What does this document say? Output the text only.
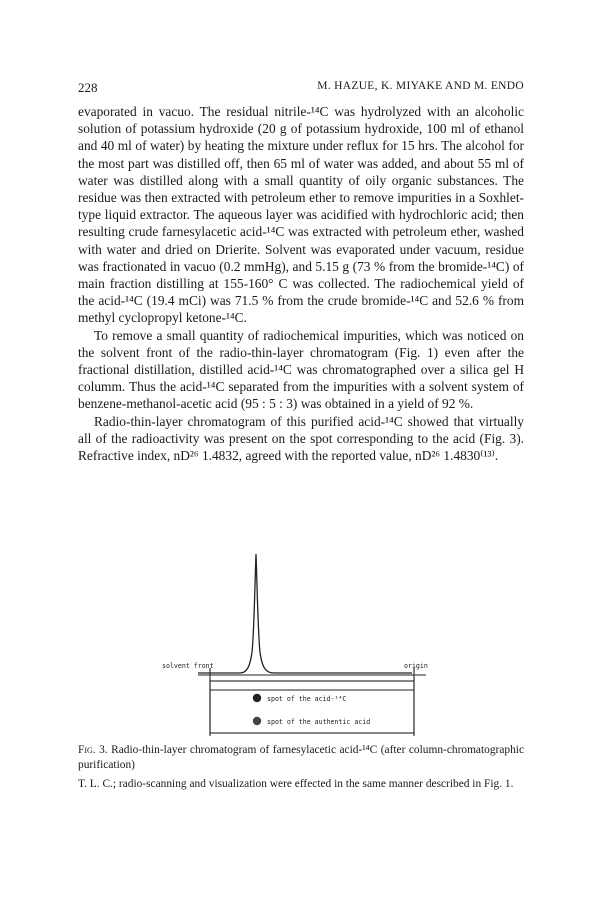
228	M. HAZUE, K. MIYAKE AND M. ENDO

evaporated in vacuo. The residual nitrile-¹⁴C was hydrolyzed with an alcoholic solution of potassium hydroxide (20 g of potassium hydroxide, 100 ml of ethanol and 40 ml of water) by heating the mixture under reflux for 15 hrs. The alcohol for the most part was distilled off, then 65 ml of water was added, and about 55 ml of water was distilled along with a small quantity of oily organic substances. The residue was then extracted with petroleum ether to remove impurities in a Soxhlet-type liquid extractor. The aqueous layer was acidified with hydrochloric acid; then resulting crude farnesylacetic acid-¹⁴C was extracted with petroleum ether, washed with water and dried on Drierite. Solvent was evaporated under vacuum, residue was fractionated in vacuo (0.2 mmHg), and 5.15 g (73 % from the bromide-¹⁴C) of main fraction distilling at 155-160° C was collected. The radiochemical yield of the acid-¹⁴C (19.4 mCi) was 71.5 % from the crude bromide-¹⁴C and 52.6 % from methyl cyclopropyl ketone-¹⁴C.

To remove a small quantity of radiochemical impurities, which was noticed on the solvent front of the radio-thin-layer chromatogram (Fig. 1) even after the fractional distillation, distilled acid-¹⁴C was chromatographed over a silica gel H columm. Thus the acid-¹⁴C separated from the impurities with a solvent system of benzene-methanol-acetic acid (95 : 5 : 3) was obtained in a yield of 92 %.

Radio-thin-layer chromatogram of this purified acid-¹⁴C showed that virtually all of the radioactivity was present on the spot corresponding to the acid (Fig. 3). Refractive index, nD²⁶ 1.4832, agreed with the reported value, nD²⁶ 1.4830⁽¹³⁾.

solvent front	origin
spot of the acid-¹⁴C
spot of the authentic acid

Fig. 3. Radio-thin-layer chromatogram of farnesylacetic acid-¹⁴C (after column-chromatographic purification)

T. L. C.; radio-scanning and visualization were effected in the same manner described in Fig. 1.
